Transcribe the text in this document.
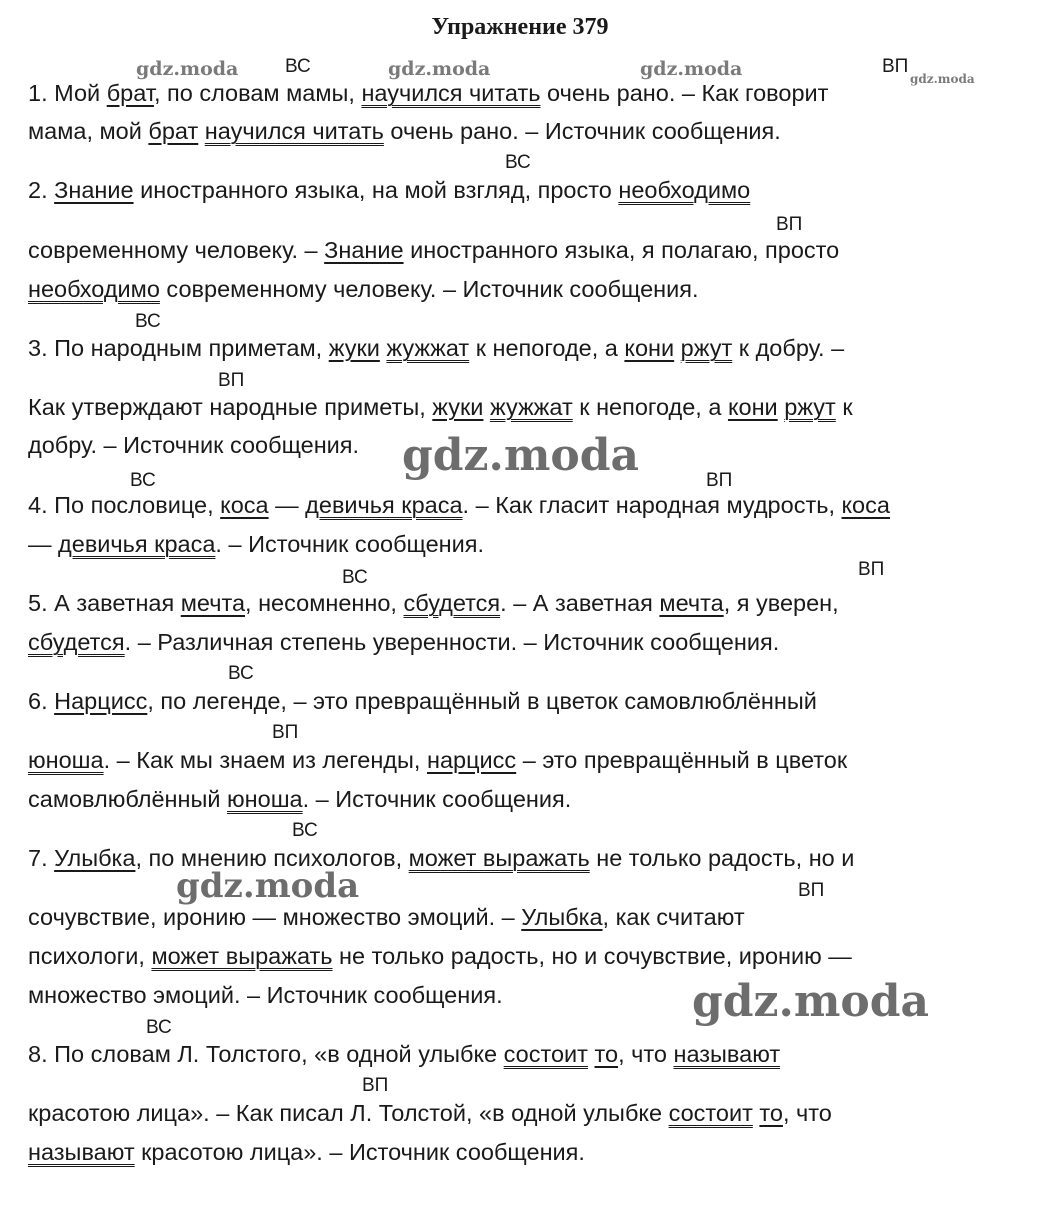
Упражнение 379
gdz.moda	gdz.moda	gdz.moda	gdz.moda
gdz.moda
gdz.moda
gdz.moda
ВС	ВП
ВС
ВП
ВС
ВП
ВС	ВП
ВС	ВП
ВС
ВП
ВС
ВП
ВС
ВП
1. Мой брат, по словам мамы, научился читать очень рано. – Как говорит
мама, мой брат научился читать очень рано. – Источник сообщения.
2. Знание иностранного языка, на мой взгляд, просто необходимо
современному человеку. – Знание иностранного языка, я полагаю, просто
необходимо современному человеку. – Источник сообщения.
3. По народным приметам, жуки жужжат к непогоде, а кони ржут к добру. –
Как утверждают народные приметы, жуки жужжат к непогоде, а кони ржут к
добру. – Источник сообщения.
4. По пословице, коса — девичья краса. – Как гласит народная мудрость, коса
— девичья краса. – Источник сообщения.
5. А заветная мечта, несомненно, сбудется. – А заветная мечта, я уверен,
сбудется. – Различная степень уверенности. – Источник сообщения.
6. Нарцисс, по легенде, – это превращённый в цветок самовлюблённый
юноша. – Как мы знаем из легенды, нарцисс – это превращённый в цветок
самовлюблённый юноша. – Источник сообщения.
7. Улыбка, по мнению психологов, может выражать не только радость, но и
сочувствие, иронию — множество эмоций. – Улыбка, как считают
психологи, может выражать не только радость, но и сочувствие, иронию —
множество эмоций. – Источник сообщения.
8. По словам Л. Толстого, «в одной улыбке состоит то, что называют
красотою лица». – Как писал Л. Толстой, «в одной улыбке состоит то, что
называют красотою лица». – Источник сообщения.
